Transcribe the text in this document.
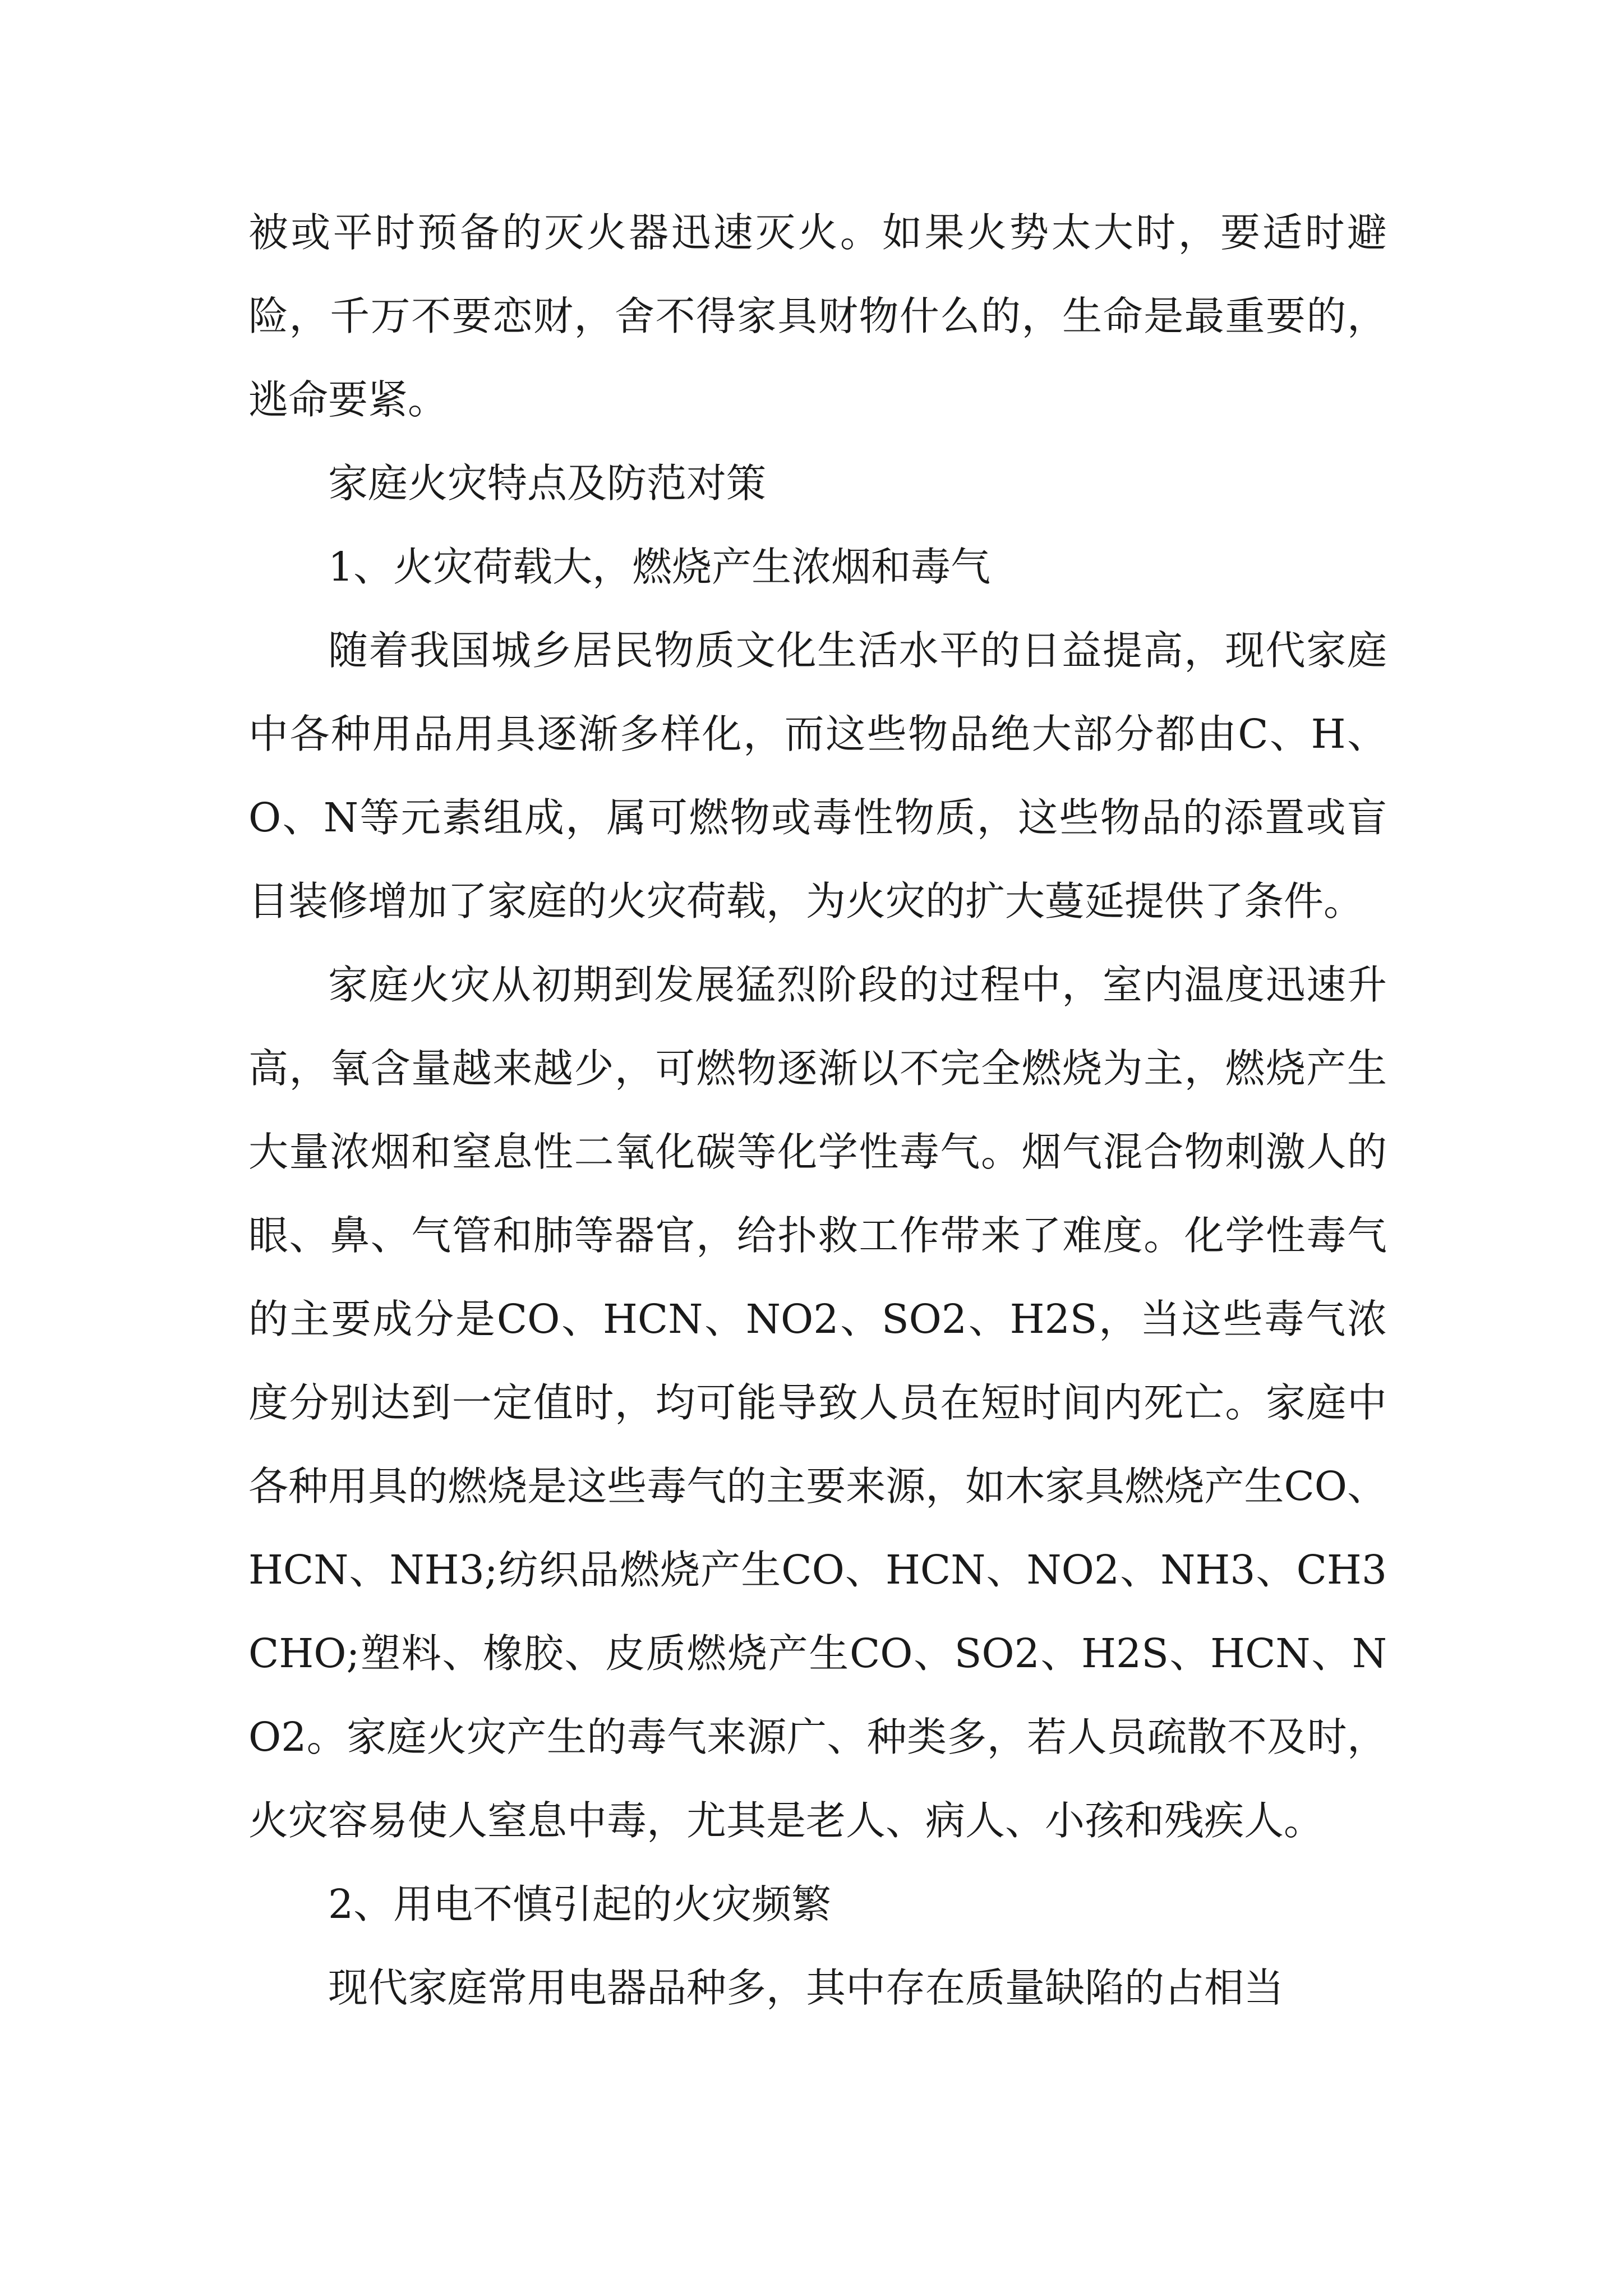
被或平时预备的灭火器迅速灭火。如果火势太大时，要适时避险，千万不要恋财，舍不得家具财物什么的，生命是最重要的，逃命要紧。

家庭火灾特点及防范对策

1、火灾荷载大，燃烧产生浓烟和毒气

随着我国城乡居民物质文化生活水平的日益提高，现代家庭中各种用品用具逐渐多样化，而这些物品绝大部分都由C、H、O、N等元素组成，属可燃物或毒性物质，这些物品的添置或盲目装修增加了家庭的火灾荷载，为火灾的扩大蔓延提供了条件。

家庭火灾从初期到发展猛烈阶段的过程中，室内温度迅速升高，氧含量越来越少，可燃物逐渐以不完全燃烧为主，燃烧产生大量浓烟和窒息性二氧化碳等化学性毒气。烟气混合物刺激人的眼、鼻、气管和肺等器官，给扑救工作带来了难度。化学性毒气的主要成分是CO、HCN、NO2、SO2、H2S，当这些毒气浓度分别达到一定值时，均可能导致人员在短时间内死亡。家庭中各种用具的燃烧是这些毒气的主要来源，如木家具燃烧产生CO、HCN、NH3;纺织品燃烧产生CO、HCN、NO2、NH3、CH3CHO;塑料、橡胶、皮质燃烧产生CO、SO2、H2S、HCN、NO2。家庭火灾产生的毒气来源广、种类多，若人员疏散不及时，火灾容易使人窒息中毒，尤其是老人、病人、小孩和残疾人。

2、用电不慎引起的火灾频繁

现代家庭常用电器品种多，其中存在质量缺陷的占相当
